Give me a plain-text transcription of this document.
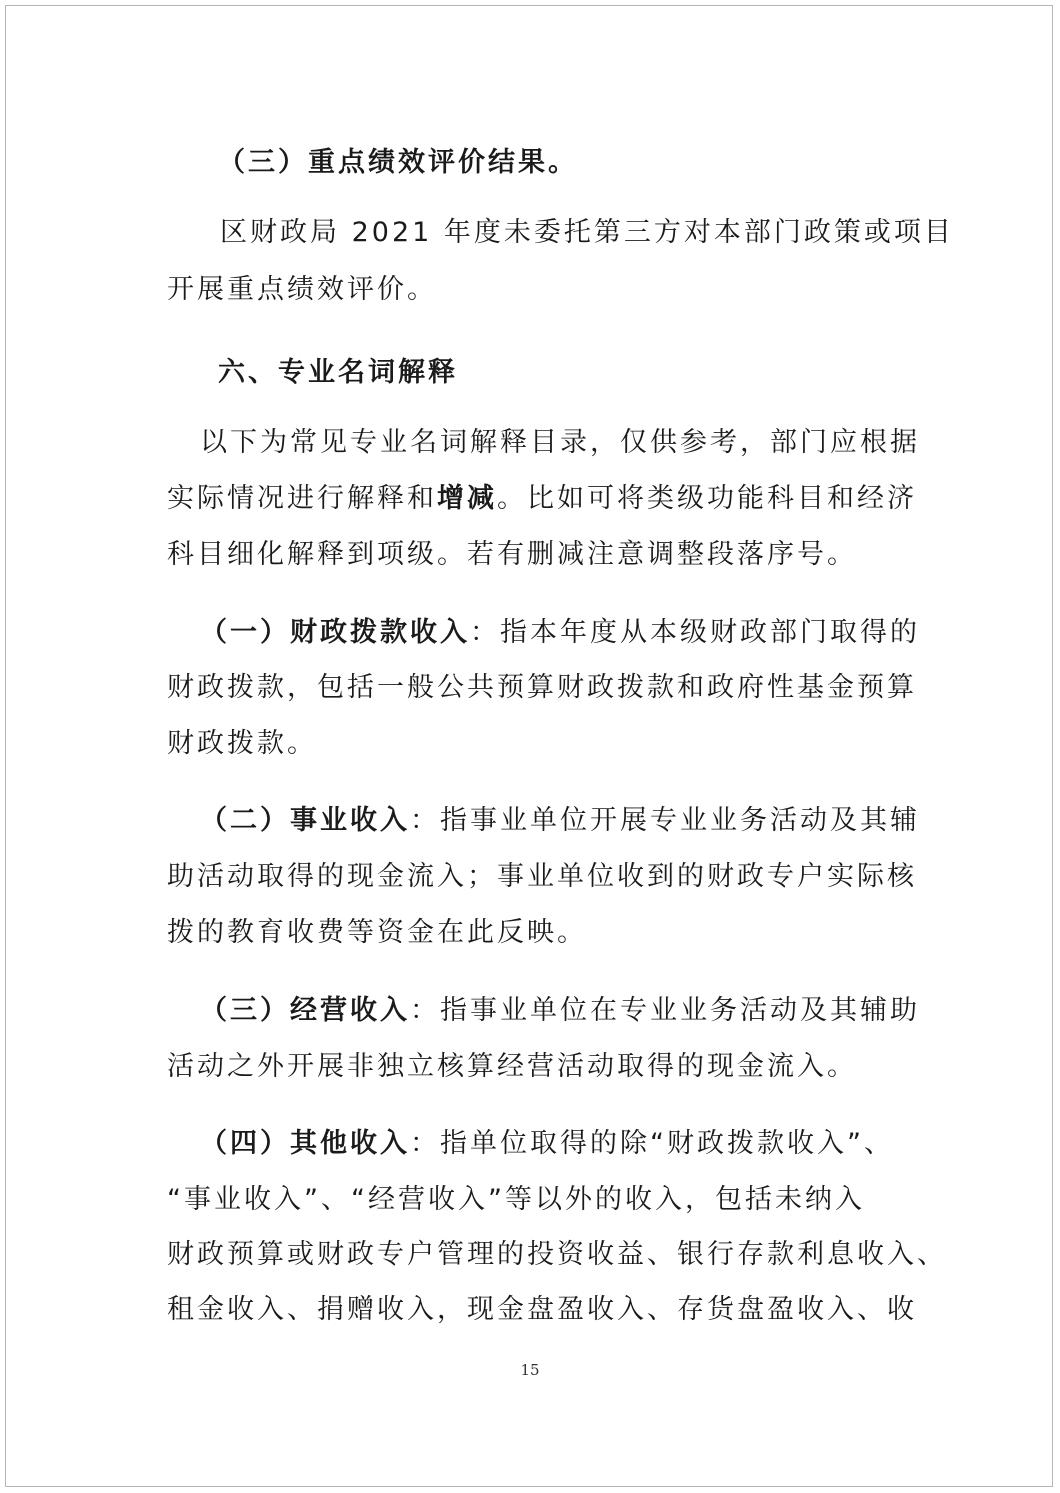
（三）重点绩效评价结果。
区财政局 2021 年度未委托第三方对本部门政策或项目
开展重点绩效评价。
六、专业名词解释
以下为常见专业名词解释目录，仅供参考，部门应根据
实际情况进行解释和增减。比如可将类级功能科目和经济
科目细化解释到项级。若有删减注意调整段落序号。
（一）财政拨款收入：指本年度从本级财政部门取得的
财政拨款，包括一般公共预算财政拨款和政府性基金预算
财政拨款。
（二）事业收入：指事业单位开展专业业务活动及其辅
助活动取得的现金流入；事业单位收到的财政专户实际核
拨的教育收费等资金在此反映。
（三）经营收入：指事业单位在专业业务活动及其辅助
活动之外开展非独立核算经营活动取得的现金流入。
（四）其他收入：指单位取得的除“财政拨款收入”、
“事业收入”、“经营收入”等以外的收入，包括未纳入
财政预算或财政专户管理的投资收益、银行存款利息收入、
租金收入、捐赠收入，现金盘盈收入、存货盘盈收入、收
15
